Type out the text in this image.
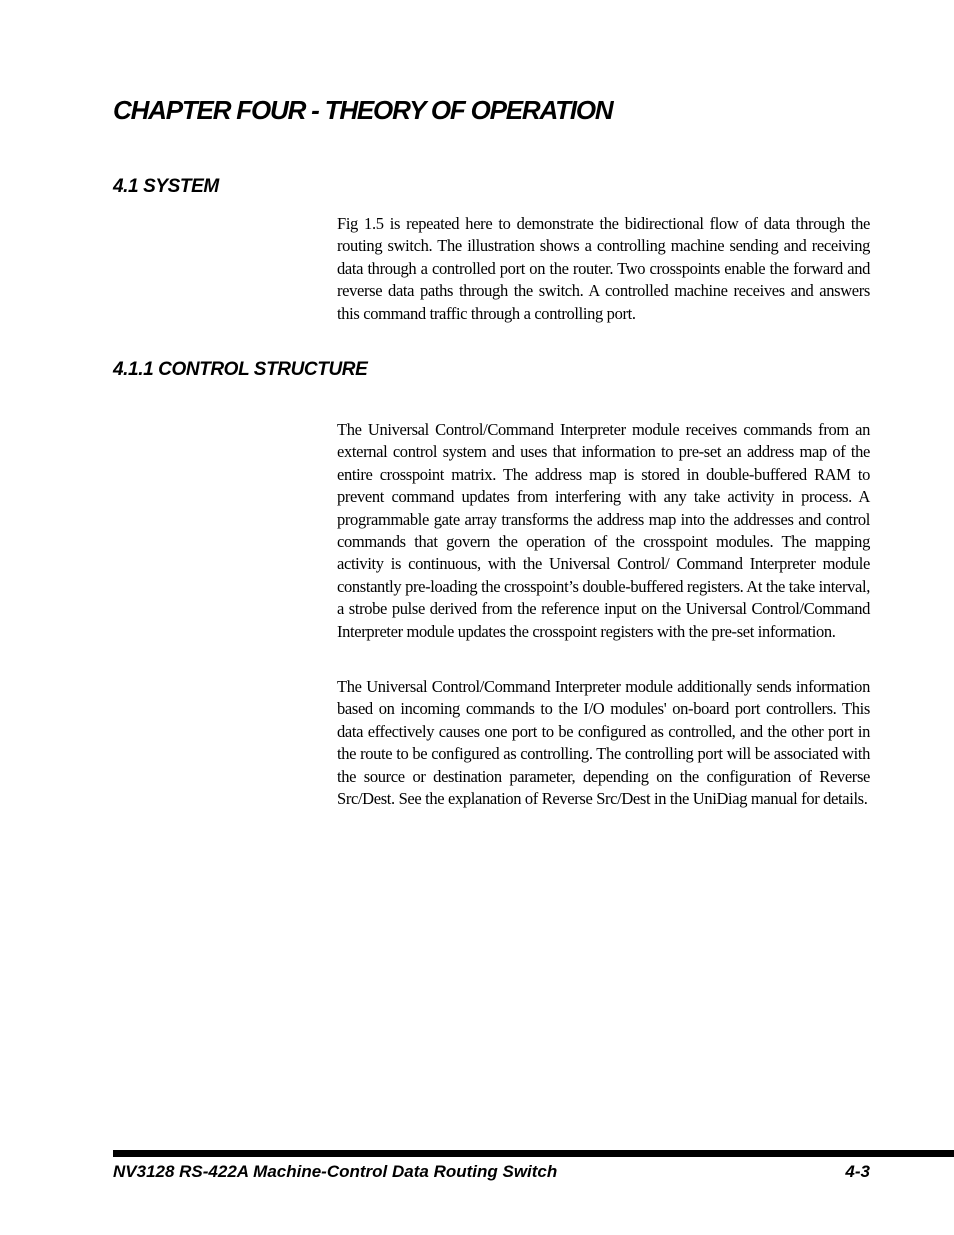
CHAPTER FOUR - THEORY OF OPERATION
4.1 SYSTEM

Fig 1.5 is repeated here to demonstrate the bidirectional flow of data through the routing switch. The illustration shows a controlling machine sending and receiving data through a controlled port on the router. Two crosspoints enable the forward and reverse data paths through the switch. A controlled machine receives and answers this command traffic through a controlling port.

4.1.1 CONTROL STRUCTURE

The Universal Control/Command Interpreter module receives commands from an external control system and uses that information to pre-set an address map of the entire crosspoint matrix. The address map is stored in double-buffered RAM to prevent command updates from interfering with any take activity in process. A programmable gate array transforms the address map into the addresses and control commands that govern the operation of the crosspoint modules. The mapping activity is continuous, with the Universal Control/ Command Interpreter module constantly pre-loading the crosspoint’s double-buffered registers. At the take interval, a strobe pulse derived from the reference input on the Universal Control/Command Interpreter module updates the crosspoint registers with the pre-set information.

The Universal Control/Command Interpreter module additionally sends information based on incoming commands to the I/O modules' on-board port controllers. This data effectively causes one port to be configured as controlled, and the other port in the route to be configured as controlling. The controlling port will be associated with the source or destination parameter, depending on the configuration of Reverse Src/Dest. See the explanation of Reverse Src/Dest in the UniDiag manual for details.

NV3128 RS-422A Machine-Control Data Routing Switch	4-3
